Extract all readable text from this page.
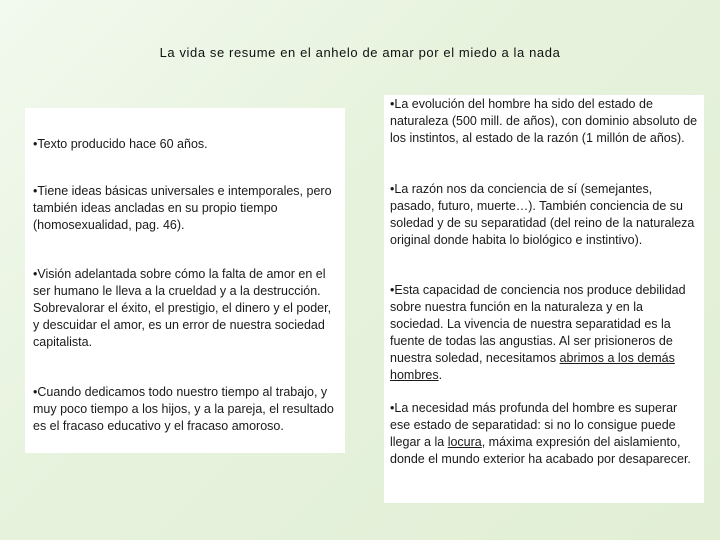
La vida se resume en el anhelo de amar por el miedo a la nada

•Texto producido hace 60 años.

•Tiene ideas básicas universales e intemporales, pero también ideas ancladas en su propio tiempo (homosexualidad, pag. 46).

•Visión adelantada sobre cómo la falta de amor en el ser humano le lleva a la crueldad y a la destrucción. Sobrevalorar el éxito, el prestigio, el dinero y el poder, y descuidar el amor, es un error de nuestra sociedad capitalista.

•Cuando dedicamos todo nuestro tiempo al trabajo, y muy poco tiempo a los hijos, y a la pareja, el resultado es el fracaso educativo y el fracaso amoroso.

•La evolución del hombre ha sido del estado de naturaleza (500 mill. de años), con dominio absoluto de los instintos, al estado de la razón (1 millón de años).

•La razón nos da conciencia de sí (semejantes, pasado, futuro, muerte…). También conciencia de su soledad y de su separatidad (del reino de la naturaleza original donde habita lo biológico e instintivo).

•Esta capacidad de conciencia nos produce debilidad sobre nuestra función en la naturaleza y en la sociedad. La vivencia de nuestra separatidad es la fuente de todas las angustias. Al ser prisioneros de nuestra soledad, necesitamos abrimos a los demás hombres.

•La necesidad más profunda del hombre es superar ese estado de separatidad: si no lo consigue puede llegar a la locura, máxima expresión del aislamiento, donde el mundo exterior ha acabado por desaparecer.
